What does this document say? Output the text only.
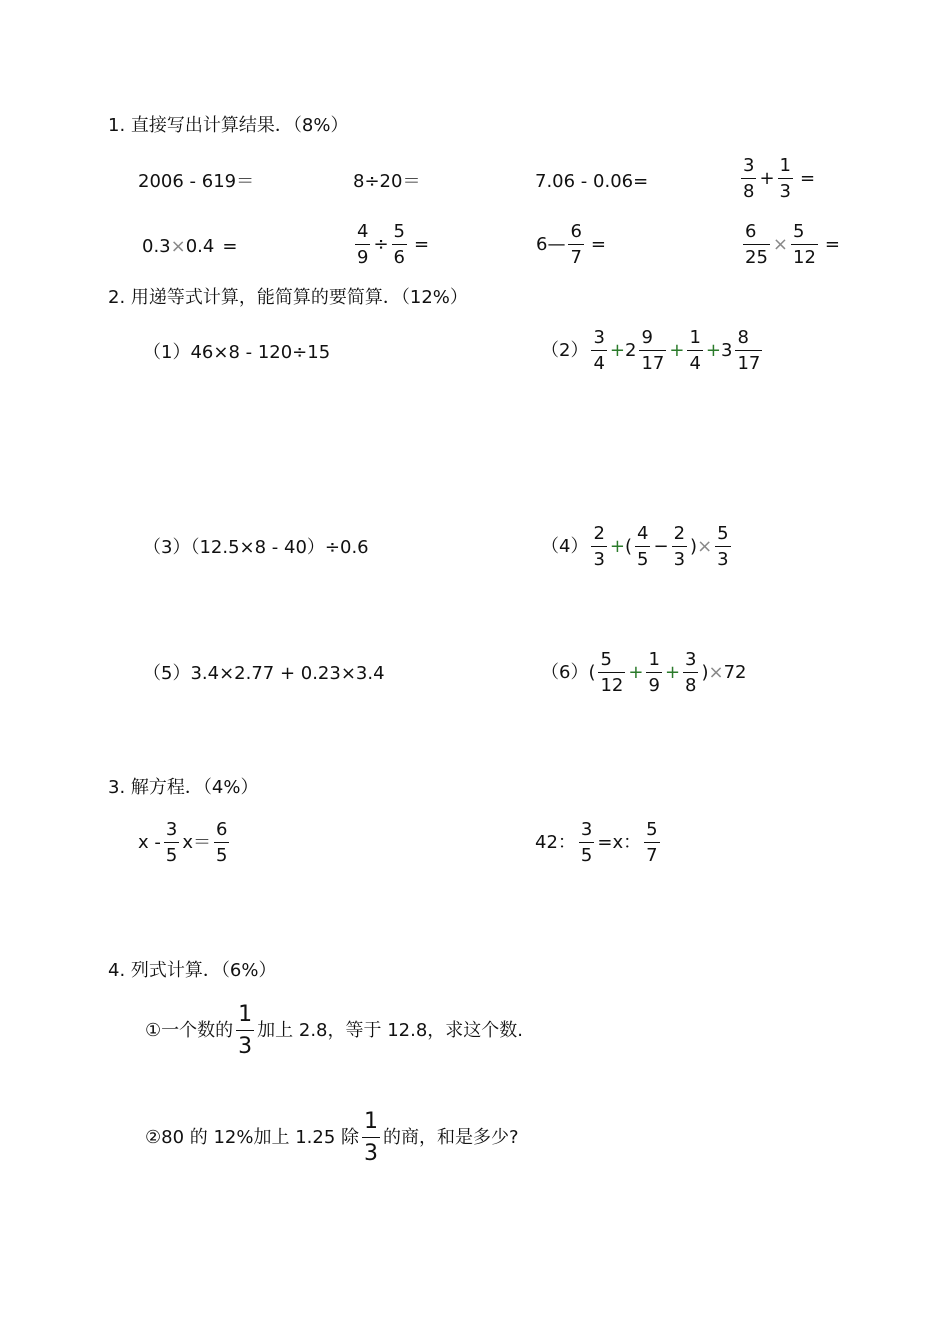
1. 直接写出计算结果．（8%）
2006 - 619＝	8÷20＝	7.06 - 0.06=	$\frac{3}{8} + \frac{1}{3}$ =
0.3 × 0.4 =	$\frac{4}{9} \div \frac{5}{6}$ =	6— $\frac{6}{7}$ =	$\frac{6}{25} \times \frac{5}{12}$ =
2. 用递等式计算，能简算的要简算．（12%）
（1）46×8 - 120÷15	$(2) \frac{3}{4} + 2 \frac{9}{17} + \frac{1}{4} + 3 \frac{8}{17}$
（3）（12.5×8 - 40）÷0.6	$(4) \frac{2}{3}$ + ( $\frac{4}{5} - \frac{2}{3}$ ) × $\frac{5}{3}$
（5）3.4×2.77 + 0.23×3.4	（6） ( $\frac{5}{12} + \frac{1}{9} + \frac{3}{8}$ ) × 72
3. 解方程．（4%）
$x - \frac{3}{5} x= \frac{6}{5}$	42： $\frac{3}{5} =x$： $\frac{5}{7}$
4. 列式计算．（6%）
①一个数的 $\frac{1}{3}$ 加上 2.8，等于 12.8，求这个数.
②80 的 12%加上 1.25 除 $\frac{1}{3}$ 的商，和是多少?
